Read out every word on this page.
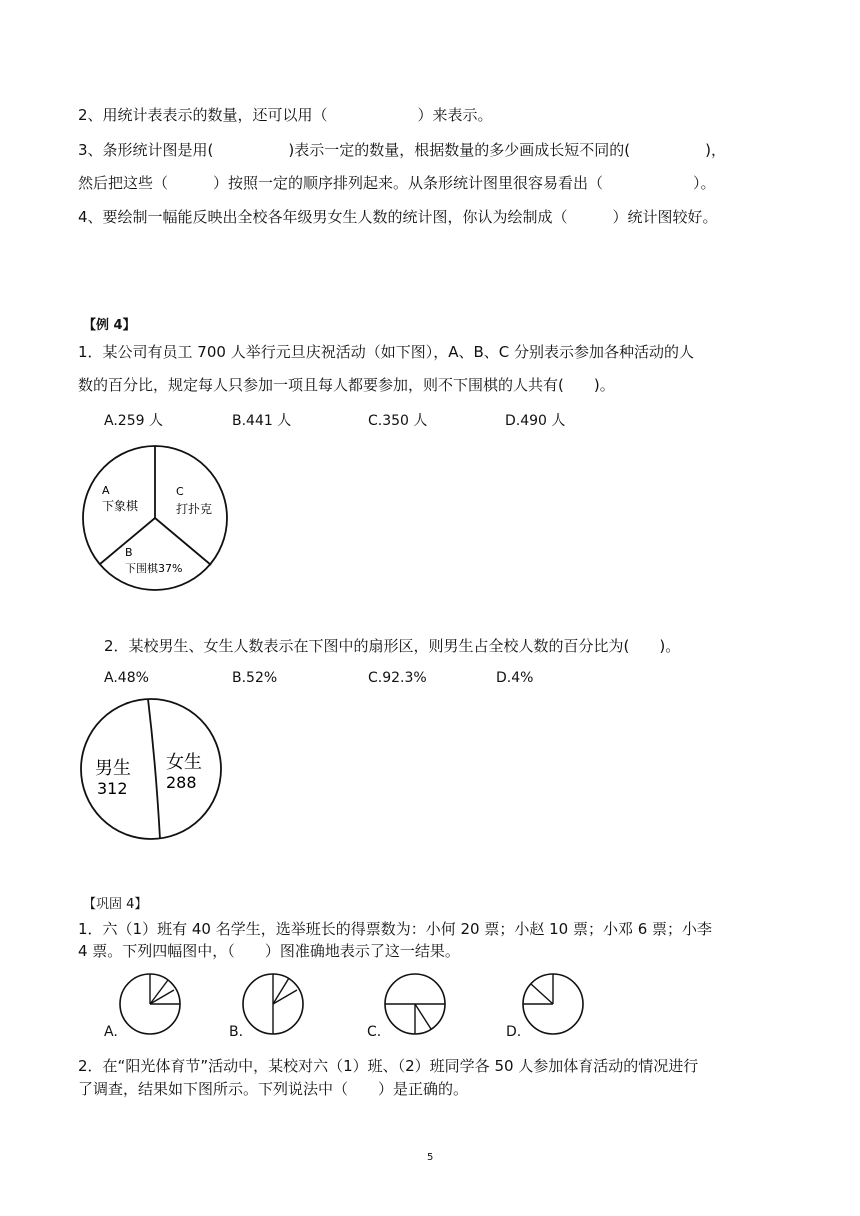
2、用统计表表示的数量，还可以用（　　　　　　）来表示。
3、条形统计图是用(　　　　　)表示一定的数量，根据数量的多少画成长短不同的(　　　　　)，
然后把这些（　　　）按照一定的顺序排列起来。从条形统计图里很容易看出（　　　　　　）。
4、要绘制一幅能反映出全校各年级男女生人数的统计图，你认为绘制成（　　　）统计图较好。
【例 4】
1．某公司有员工 700 人举行元旦庆祝活动（如下图），A、B、C 分别表示参加各种活动的人
数的百分比，规定每人只参加一项且每人都要参加，则不下围棋的人共有(　　)。
A.259 人	B.441 人	C.350 人	D.490 人
A
下象棋
C
打扑克
B
下围棋37%
2．某校男生、女生人数表示在下图中的扇形区，则男生占全校人数的百分比为(　　)。
A.48%	B.52%	C.92.3%	D.4%
男生
312
女生
288
【巩固 4】
1．六（1）班有 40 名学生，选举班长的得票数为：小何 20 票；小赵 10 票；小邓 6 票；小李
4 票。下列四幅图中，（　　）图准确地表示了这一结果。
A.	B.	C.	D.
2．在“阳光体育节”活动中，某校对六（1）班、（2）班同学各 50 人参加体育活动的情况进行
了调查，结果如下图所示。下列说法中（　　）是正确的。
5
